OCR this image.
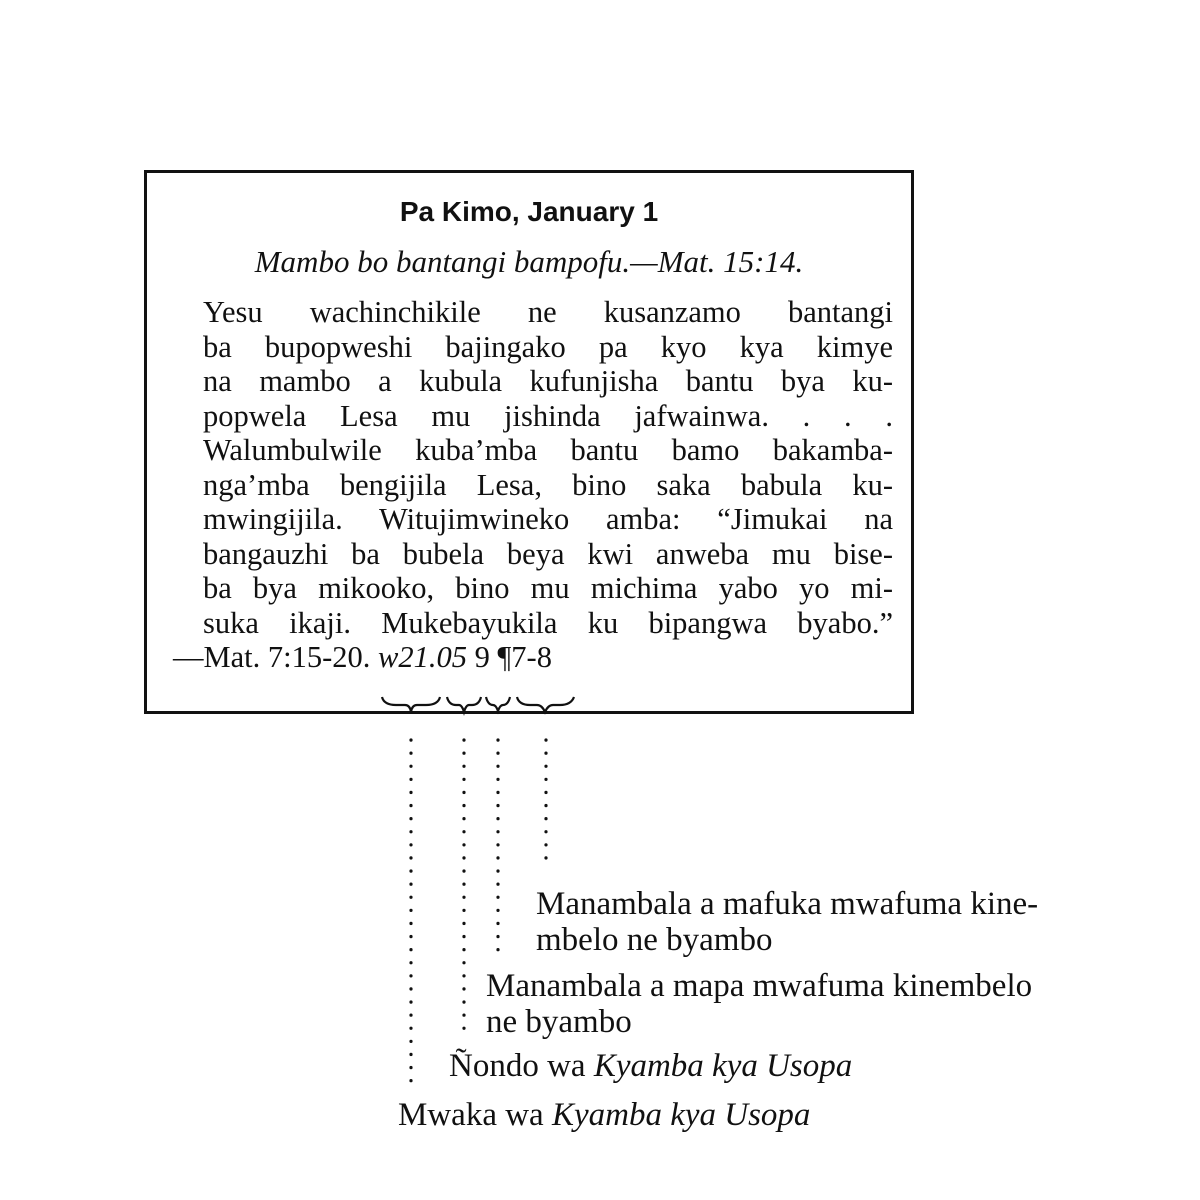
Pa Kimo, January 1
Mambo bo bantangi bampofu.—Mat. 15:14.
Yesu wachinchikile ne kusanzamo bantangi
ba bupopweshi bajingako pa kyo kya kimye
na mambo a kubula kufunjisha bantu bya ku-
popwela Lesa mu jishinda jafwainwa. . . .
Walumbulwile kuba’mba bantu bamo bakamba-
nga’mba bengijila Lesa, bino saka babula ku-
mwingijila. Witujimwineko amba: “Jimukai na
bangauzhi ba bubela beya kwi anweba mu bise-
ba bya mikooko, bino mu michima yabo yo mi-
suka ikaji. Mukebayukila ku bipangwa byabo.”
—Mat. 7:15-20. w21.05 9 ¶7-8
Manambala a mafuka mwafuma kine-
mbelo ne byambo
Manambala a mapa mwafuma kinembelo
ne byambo
Ñondo wa Kyamba kya Usopa
Mwaka wa Kyamba kya Usopa
